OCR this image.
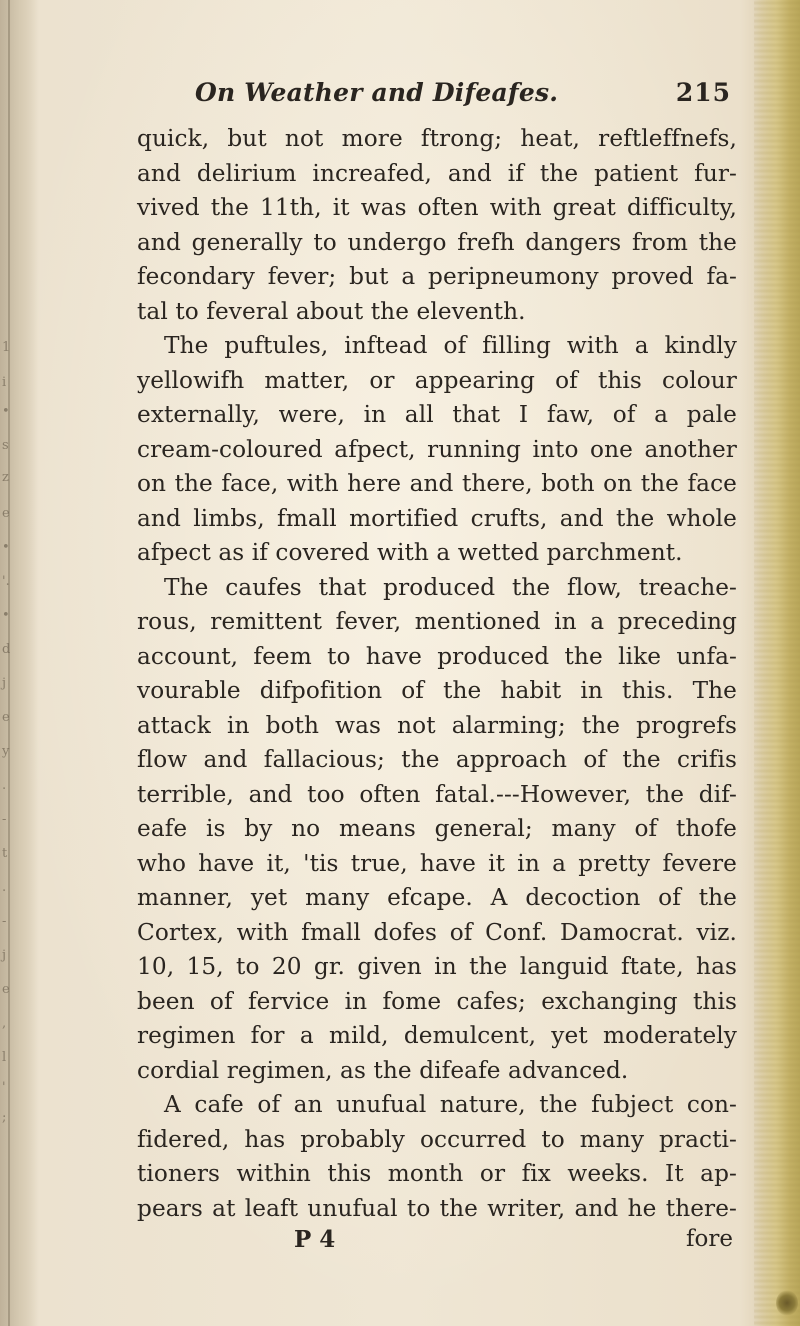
1
i
•
s
z
e
•
'.
•
d
j
e
y
.
-
t
.
-
j
e
,
l
'
;
On Weather and Difeafes.	215
quick, but not more ftrong; heat, reftleffnefs,
and delirium increafed, and if the patient fur-
vived the 11th, it was often with great difficulty,
and generally to undergo frefh dangers from the
fecondary fever; but a peripneumony proved fa-
tal to feveral about the eleventh.
The puftules, inftead of filling with a kindly
yellowifh matter, or appearing of this colour
externally, were, in all that I faw, of a pale
cream-coloured afpect, running into one another
on the face, with here and there, both on the face
and limbs, fmall mortified crufts, and the whole
afpect as if covered with a wetted parchment.
The caufes that produced the flow, treache-
rous, remittent fever, mentioned in a preceding
account, feem to have produced the like unfa-
vourable difpofition of the habit in this. The
attack in both was not alarming; the progrefs
flow and fallacious; the approach of the crifis
terrible, and too often fatal.---However, the dif-
eafe is by no means general; many of thofe
who have it, 'tis true, have it in a pretty fevere
manner, yet many efcape. A decoction of the
Cortex, with fmall dofes of Conf. Damocrat. viz.
10, 15, to 20 gr. given in the languid ftate, has
been of fervice in fome cafes; exchanging this
regimen for a mild, demulcent, yet moderately
cordial regimen, as the difeafe advanced.
A cafe of an unufual nature, the fubject con-
fidered, has probably occurred to many practi-
tioners within this month or fix weeks. It ap-
pears at leaft unufual to the writer, and he there-
P 4	fore
